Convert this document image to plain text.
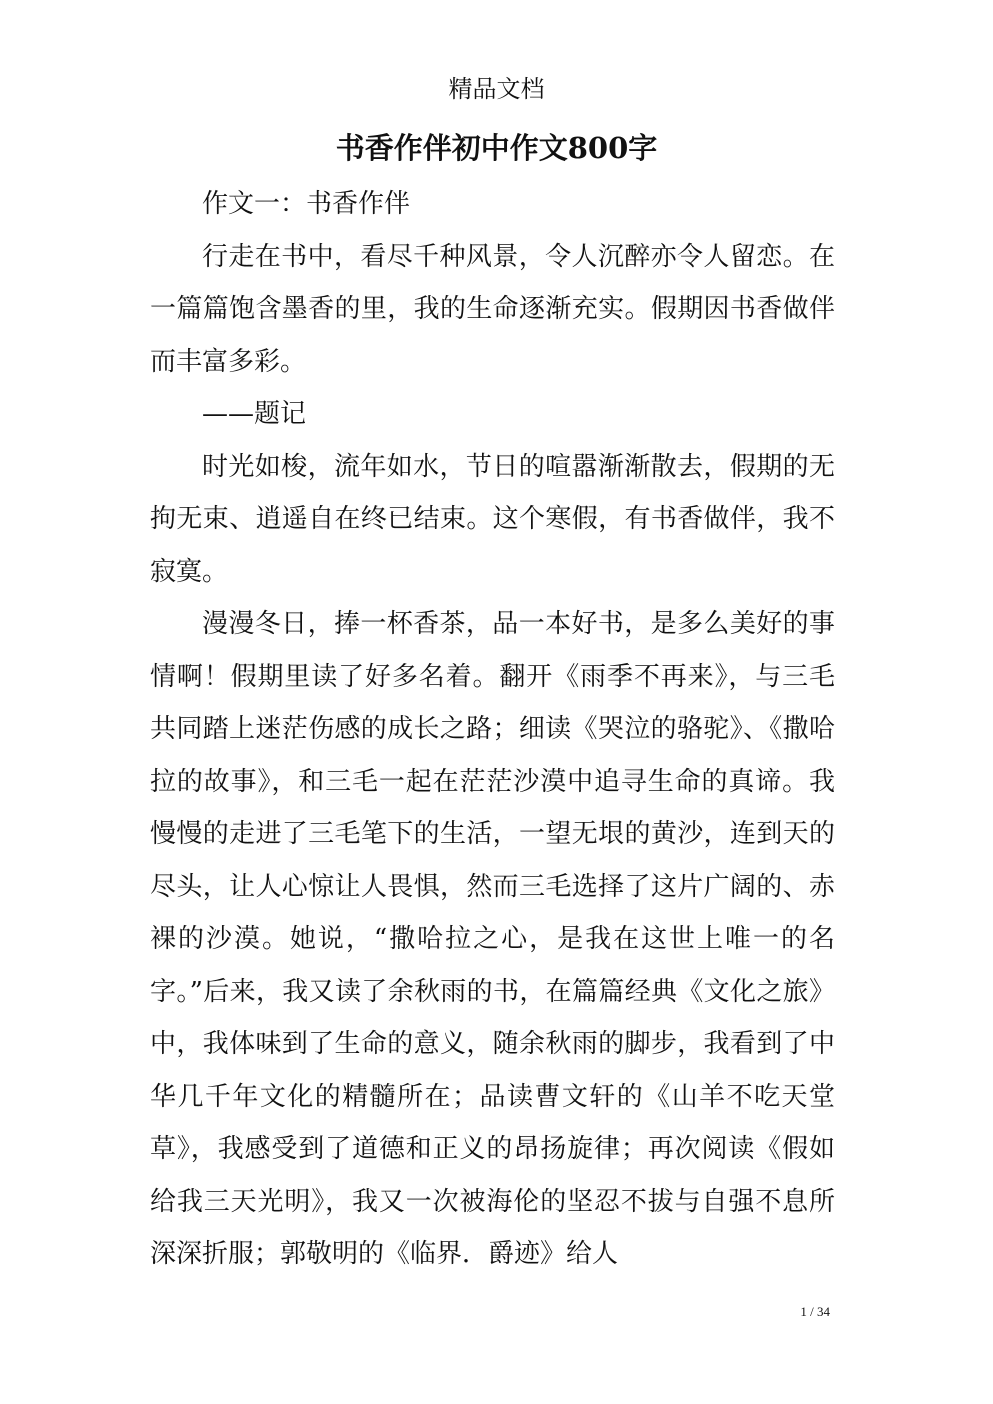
精品文档
书香作伴初中作文800字

作文一：书香作伴

行走在书中，看尽千种风景，令人沉醉亦令人留恋。在一篇篇饱含墨香的里，我的生命逐渐充实。假期因书香做伴而丰富多彩。

——题记

时光如梭，流年如水，节日的喧嚣渐渐散去，假期的无拘无束、逍遥自在终已结束。这个寒假，有书香做伴，我不寂寞。

漫漫冬日，捧一杯香茶，品一本好书，是多么美好的事情啊！假期里读了好多名着。翻开《雨季不再来》，与三毛共同踏上迷茫伤感的成长之路；细读《哭泣的骆驼》、《撒哈拉的故事》，和三毛一起在茫茫沙漠中追寻生命的真谛。我慢慢的走进了三毛笔下的生活，一望无垠的黄沙，连到天的尽头，让人心惊让人畏惧，然而三毛选择了这片广阔的、赤裸的沙漠。她说，“撒哈拉之心，是我在这世上唯一的名字。”后来，我又读了余秋雨的书，在篇篇经典《文化之旅》中，我体味到了生命的意义，随余秋雨的脚步，我看到了中华几千年文化的精髓所在；品读曹文轩的《山羊不吃天堂草》，我感受到了道德和正义的昂扬旋律；再次阅读《假如给我三天光明》，我又一次被海伦的坚忍不拔与自强不息所深深折服；郭敬明的《临界．爵迹》给人

1 / 34
